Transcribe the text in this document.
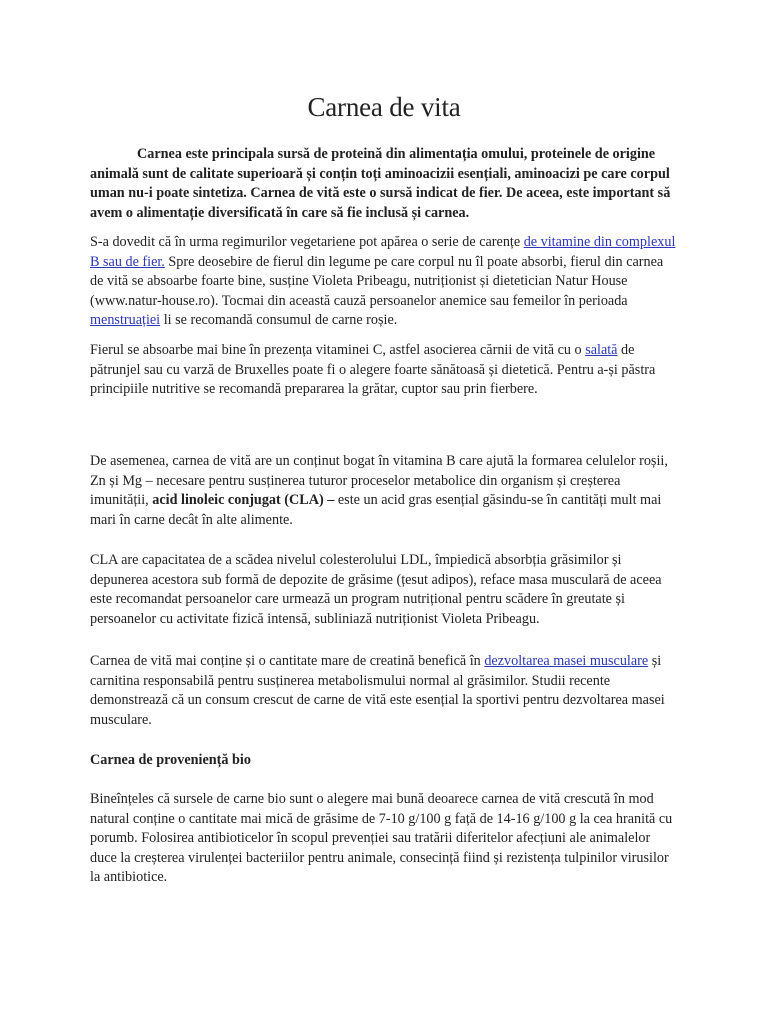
Carnea de vita

Carnea este principala sursă de proteină din alimentația omului, proteinele de origine animală sunt de calitate superioară și conțin toți aminoacizii esențiali, aminoacizi pe care corpul uman nu-i poate sintetiza. Carnea de vită este o sursă indicat de fier. De aceea, este important să avem o alimentație diversificată în care să fie inclusă și carnea.

S-a dovedit că în urma regimurilor vegetariene pot apărea o serie de carențe de vitamine din complexul B sau de fier. Spre deosebire de fierul din legume pe care corpul nu îl poate absorbi, fierul din carnea de vită se absoarbe foarte bine, susține Violeta Pribeagu, nutriționist și dietetician Natur House (www.natur-house.ro). Tocmai din această cauză persoanelor anemice sau femeilor în perioada menstruației li se recomandă consumul de carne roșie.

Fierul se absoarbe mai bine în prezența vitaminei C, astfel asocierea cărnii de vită cu o salată de pătrunjel sau cu varză de Bruxelles poate fi o alegere foarte sănătoasă și dietetică. Pentru a-și păstra principiile nutritive se recomandă prepararea la grătar, cuptor sau prin fierbere.

De asemenea, carnea de vită are un conținut bogat în vitamina B care ajută la formarea celulelor roșii, Zn și Mg – necesare pentru susținerea tuturor proceselor metabolice din organism și creșterea imunității, acid linoleic conjugat (CLA) – este un acid gras esențial găsindu-se în cantități mult mai mari în carne decât în alte alimente.

CLA are capacitatea de a scădea nivelul colesterolului LDL, împiedică absorbția grăsimilor și depunerea acestora sub formă de depozite de grăsime (țesut adipos), reface masa musculară de aceea este recomandat persoanelor care urmează un program nutrițional pentru scădere în greutate și persoanelor cu activitate fizică intensă, subliniază nutriționist Violeta Pribeagu.

Carnea de vită mai conține și o cantitate mare de creatină benefică în dezvoltarea masei musculare și carnitina responsabilă pentru susținerea metabolismului normal al grăsimilor. Studii recente demonstrează că un consum crescut de carne de vită este esențial la sportivi pentru dezvoltarea masei musculare.

Carnea de proveniență bio

Bineînțeles că sursele de carne bio sunt o alegere mai bună deoarece carnea de vită crescută în mod natural conține o cantitate mai mică de grăsime de 7-10 g/100 g față de 14-16 g/100 g la cea hranită cu porumb. Folosirea antibioticelor în scopul prevenției sau tratării diferitelor afecțiuni ale animalelor duce la creșterea virulenței bacteriilor pentru animale, consecință fiind și rezistența tulpinilor virusilor la antibiotice.
